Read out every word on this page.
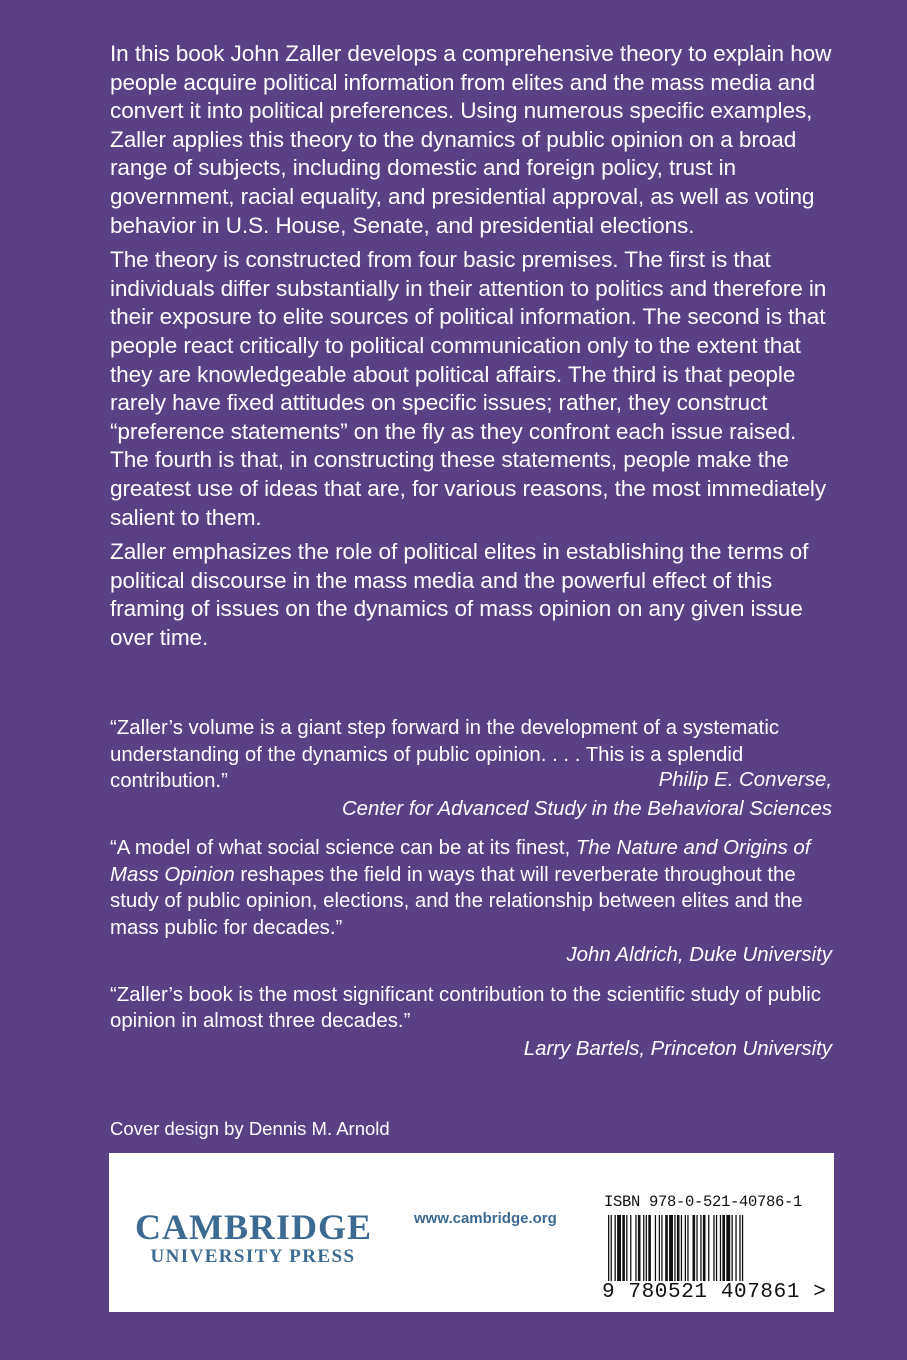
In this book John Zaller develops a comprehensive theory to explain how people acquire political information from elites and the mass media and convert it into political preferences. Using numerous specific examples, Zaller applies this theory to the dynamics of public opinion on a broad range of subjects, including domestic and foreign policy, trust in government, racial equality, and presidential approval, as well as voting behavior in U.S. House, Senate, and presidential elections.

The theory is constructed from four basic premises. The first is that individuals differ substantially in their attention to politics and therefore in their exposure to elite sources of political information. The second is that people react critically to political communication only to the extent that they are knowledgeable about political affairs. The third is that people rarely have fixed attitudes on specific issues; rather, they construct “preference statements” on the fly as they confront each issue raised. The fourth is that, in constructing these statements, people make the greatest use of ideas that are, for various reasons, the most immediately salient to them.

Zaller emphasizes the role of political elites in establishing the terms of political discourse in the mass media and the powerful effect of this framing of issues on the dynamics of mass opinion on any given issue over time.

“Zaller’s volume is a giant step forward in the development of a systematic understanding of the dynamics of public opinion. . . . This is a splendid contribution.”	Philip E. Converse,

Center for Advanced Study in the Behavioral Sciences

“A model of what social science can be at its finest, The Nature and Origins of Mass Opinion reshapes the field in ways that will reverberate throughout the study of public opinion, elections, and the relationship between elites and the mass public for decades.”

John Aldrich, Duke University

“Zaller’s book is the most significant contribution to the scientific study of public opinion in almost three decades.”

Larry Bartels, Princeton University

Cover design by Dennis M. Arnold
CAMBRIDGE
UNIVERSITY PRESS
www.cambridge.org
ISBN 978-0-521-40786-1
9 780521 407861 >
